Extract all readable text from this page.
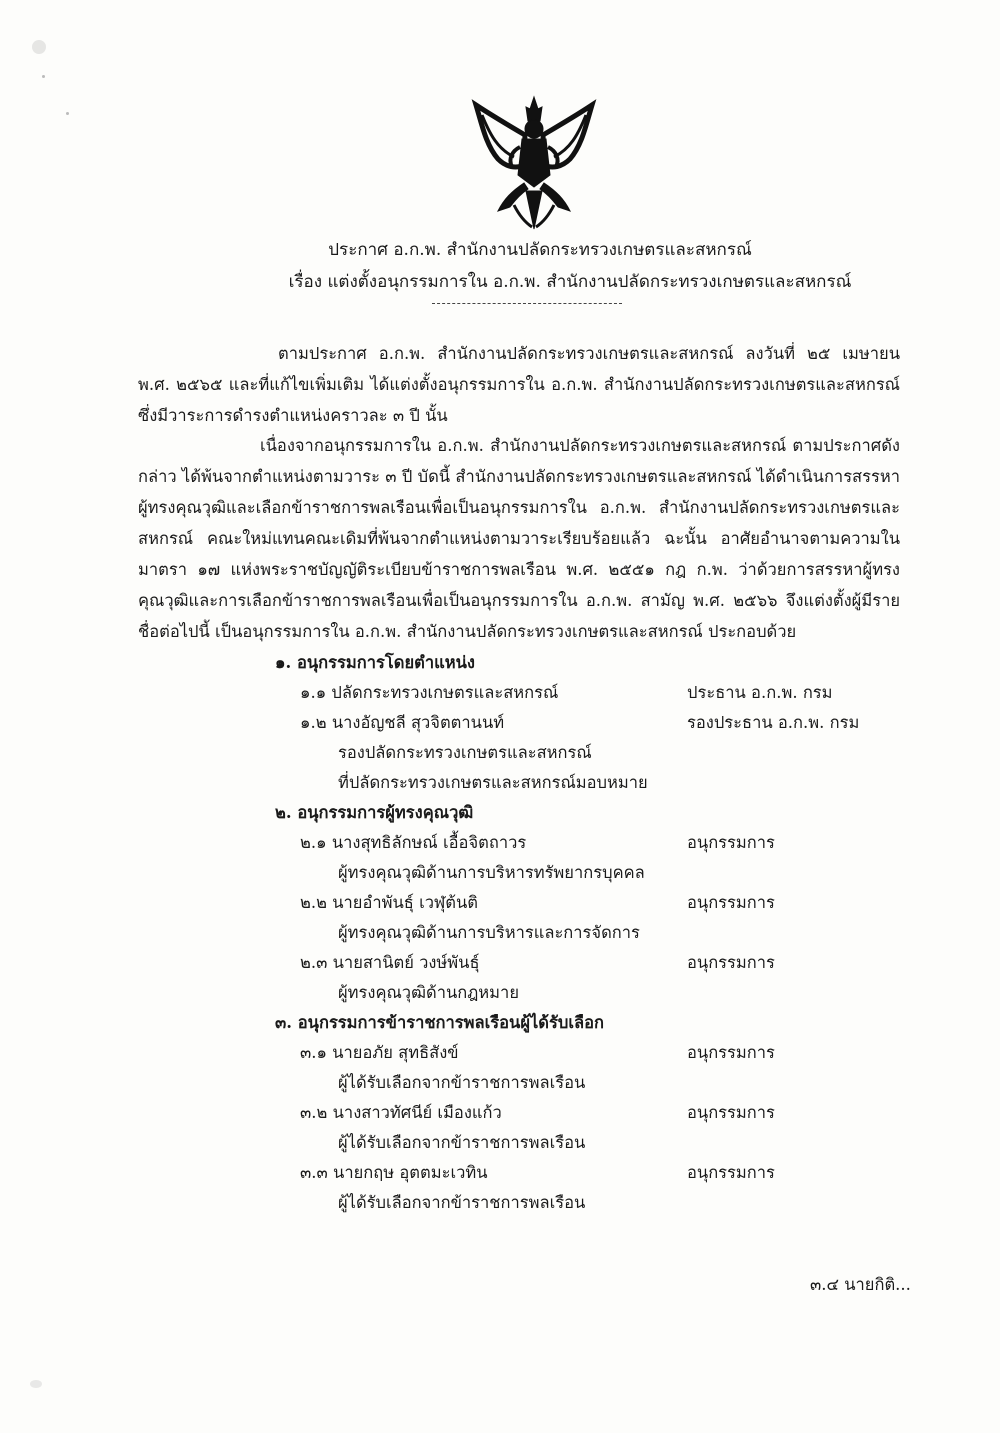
ประกาศ อ.ก.พ. สำนักงานปลัดกระทรวงเกษตรและสหกรณ์
เรื่อง แต่งตั้งอนุกรรมการใน อ.ก.พ. สำนักงานปลัดกระทรวงเกษตรและสหกรณ์

ตามประกาศ อ.ก.พ. สำนักงานปลัดกระทรวงเกษตรและสหกรณ์ ลงวันที่ ๒๕ เมษายน พ.ศ. ๒๕๖๕ และที่แก้ไขเพิ่มเติม ได้แต่งตั้งอนุกรรมการใน อ.ก.พ. สำนักงานปลัดกระทรวงเกษตรและสหกรณ์ ซึ่งมีวาระการดำรงตำแหน่งคราวละ ๓ ปี นั้น

เนื่องจากอนุกรรมการใน อ.ก.พ. สำนักงานปลัดกระทรวงเกษตรและสหกรณ์ ตามประกาศดังกล่าว ได้พ้นจากตำแหน่งตามวาระ ๓ ปี บัดนี้ สำนักงานปลัดกระทรวงเกษตรและสหกรณ์ ได้ดำเนินการสรรหาผู้ทรงคุณวุฒิและเลือกข้าราชการพลเรือนเพื่อเป็นอนุกรรมการใน อ.ก.พ. สำนักงานปลัดกระทรวงเกษตรและสหกรณ์ คณะใหม่แทนคณะเดิมที่พ้นจากตำแหน่งตามวาระเรียบร้อยแล้ว ฉะนั้น อาศัยอำนาจตามความในมาตรา ๑๗ แห่งพระราชบัญญัติระเบียบข้าราชการพลเรือน พ.ศ. ๒๕๕๑ กฎ ก.พ. ว่าด้วยการสรรหาผู้ทรงคุณวุฒิและการเลือกข้าราชการพลเรือนเพื่อเป็นอนุกรรมการใน อ.ก.พ. สามัญ พ.ศ. ๒๕๖๖ จึงแต่งตั้งผู้มีรายชื่อต่อไปนี้ เป็นอนุกรรมการใน อ.ก.พ. สำนักงานปลัดกระทรวงเกษตรและสหกรณ์ ประกอบด้วย

๑. อนุกรรมการโดยตำแหน่ง
๑.๑ ปลัดกระทรวงเกษตรและสหกรณ์	ประธาน อ.ก.พ. กรม
๑.๒ นางอัญชลี สุวจิตตานนท์	รองประธาน อ.ก.พ. กรม
รองปลัดกระทรวงเกษตรและสหกรณ์
ที่ปลัดกระทรวงเกษตรและสหกรณ์มอบหมาย
๒. อนุกรรมการผู้ทรงคุณวุฒิ
๒.๑ นางสุทธิลักษณ์ เอื้อจิตถาวร	อนุกรรมการ
ผู้ทรงคุณวุฒิด้านการบริหารทรัพยากรบุคคล
๒.๒ นายอำพันธุ์ เวฬุต้นติ	อนุกรรมการ
ผู้ทรงคุณวุฒิด้านการบริหารและการจัดการ
๒.๓ นายสานิตย์ วงษ์พันธุ์	อนุกรรมการ
ผู้ทรงคุณวุฒิด้านกฎหมาย
๓. อนุกรรมการข้าราชการพลเรือนผู้ได้รับเลือก
๓.๑ นายอภัย สุทธิสังข์	อนุกรรมการ
ผู้ได้รับเลือกจากข้าราชการพลเรือน
๓.๒ นางสาวทัศนีย์ เมืองแก้ว	อนุกรรมการ
ผู้ได้รับเลือกจากข้าราชการพลเรือน
๓.๓ นายกฤษ อุตตมะเวทิน	อนุกรรมการ
ผู้ได้รับเลือกจากข้าราชการพลเรือน
๓.๔ นายกิติ...
